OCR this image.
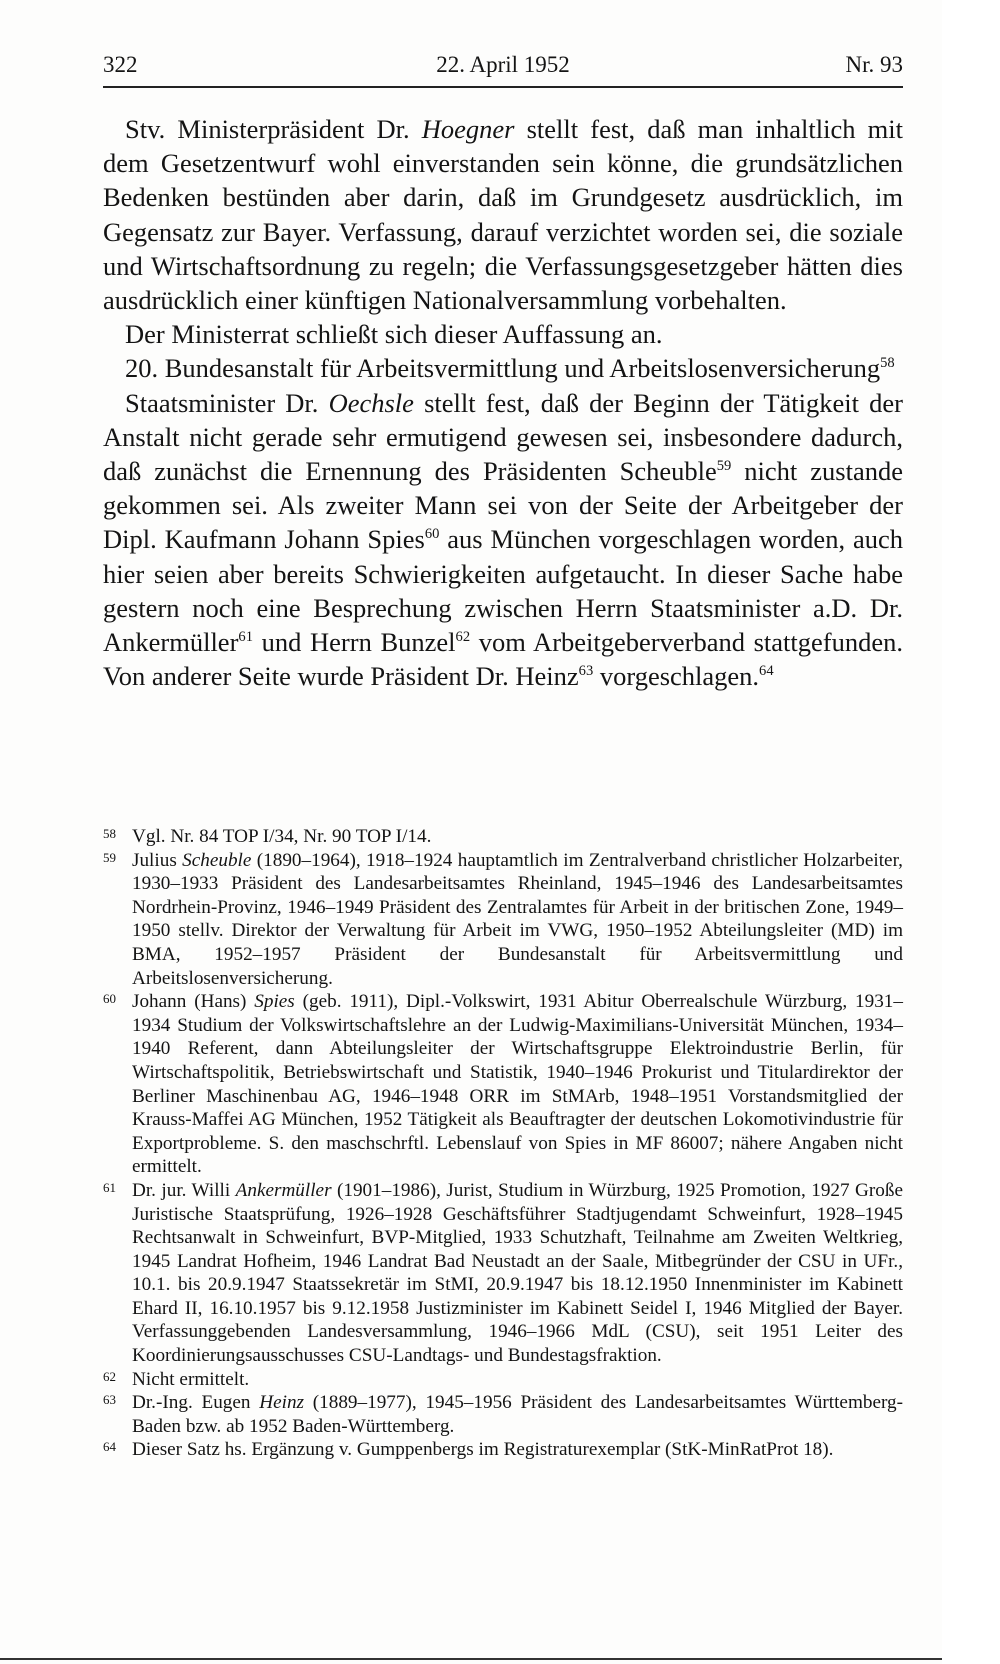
322	22. April 1952	Nr. 93

Stv. Ministerpräsident Dr. Hoegner stellt fest, daß man inhaltlich mit dem Gesetzentwurf wohl einverstanden sein könne, die grundsätzlichen Bedenken bestünden aber darin, daß im Grundgesetz ausdrücklich, im Gegensatz zur Bayer. Verfassung, darauf verzichtet worden sei, die soziale und Wirtschaftsordnung zu regeln; die Verfassungsgesetzgeber hätten dies ausdrücklich einer künftigen Nationalversammlung vorbehalten.

Der Ministerrat schließt sich dieser Auffassung an.

20. Bundesanstalt für Arbeitsvermittlung und Arbeitslosenversicherung$^{58}$

Staatsminister Dr. Oechsle stellt fest, daß der Beginn der Tätigkeit der Anstalt nicht gerade sehr ermutigend gewesen sei, insbesondere dadurch, daß zunächst die Ernennung des Präsidenten Scheuble$^{59}$ nicht zustande gekommen sei. Als zweiter Mann sei von der Seite der Arbeitgeber der Dipl. Kaufmann Johann Spies$^{60}$ aus München vorgeschlagen worden, auch hier seien aber bereits Schwierigkeiten aufgetaucht. In dieser Sache habe gestern noch eine Besprechung zwischen Herrn Staatsminister a.D. Dr. Ankermüller$^{61}$ und Herrn Bunzel$^{62}$ vom Arbeitgeberverband stattgefunden. Von anderer Seite wurde Präsident Dr. Heinz$^{63}$ vorgeschlagen.$^{64}$

58 Vgl. Nr. 84 TOP I/34, Nr. 90 TOP I/14.
59 Julius Scheuble (1890–1964), 1918–1924 hauptamtlich im Zentralverband christlicher Holzarbeiter, 1930–1933 Präsident des Landesarbeitsamtes Rheinland, 1945–1946 des Landesarbeitsamtes Nordrhein-Provinz, 1946–1949 Präsident des Zentralamtes für Arbeit in der britischen Zone, 1949–1950 stellv. Direktor der Verwaltung für Arbeit im VWG, 1950–1952 Abteilungsleiter (MD) im BMA, 1952–1957 Präsident der Bundesanstalt für Arbeitsvermittlung und Arbeitslosenversicherung.
60 Johann (Hans) Spies (geb. 1911), Dipl.-Volkswirt, 1931 Abitur Oberrealschule Würzburg, 1931–1934 Studium der Volkswirtschaftslehre an der Ludwig-Maximilians-Universität München, 1934–1940 Referent, dann Abteilungsleiter der Wirtschaftsgruppe Elektroindustrie Berlin, für Wirtschaftspolitik, Betriebswirtschaft und Statistik, 1940–1946 Prokurist und Titulardirektor der Berliner Maschinenbau AG, 1946–1948 ORR im StMArb, 1948–1951 Vorstandsmitglied der Krauss-Maffei AG München, 1952 Tätigkeit als Beauftragter der deutschen Lokomotivindustrie für Exportprobleme. S. den maschschrftl. Lebenslauf von Spies in MF 86007; nähere Angaben nicht ermittelt.
61 Dr. jur. Willi Ankermüller (1901–1986), Jurist, Studium in Würzburg, 1925 Promotion, 1927 Große Juristische Staatsprüfung, 1926–1928 Geschäftsführer Stadtjugendamt Schweinfurt, 1928–1945 Rechtsanwalt in Schweinfurt, BVP-Mitglied, 1933 Schutzhaft, Teilnahme am Zweiten Weltkrieg, 1945 Landrat Hofheim, 1946 Landrat Bad Neustadt an der Saale, Mitbegründer der CSU in UFr., 10.1. bis 20.9.1947 Staatssekretär im StMI, 20.9.1947 bis 18.12.1950 Innenminister im Kabinett Ehard II, 16.10.1957 bis 9.12.1958 Justizminister im Kabinett Seidel I, 1946 Mitglied der Bayer. Verfassunggebenden Landesversammlung, 1946–1966 MdL (CSU), seit 1951 Leiter des Koordinierungsausschusses CSU-Landtags- und Bundestagsfraktion.
62 Nicht ermittelt.
63 Dr.-Ing. Eugen Heinz (1889–1977), 1945–1956 Präsident des Landesarbeitsamtes Württemberg-Baden bzw. ab 1952 Baden-Württemberg.
64 Dieser Satz hs. Ergänzung v. Gumppenbergs im Registraturexemplar (StK-MinRatProt 18).
